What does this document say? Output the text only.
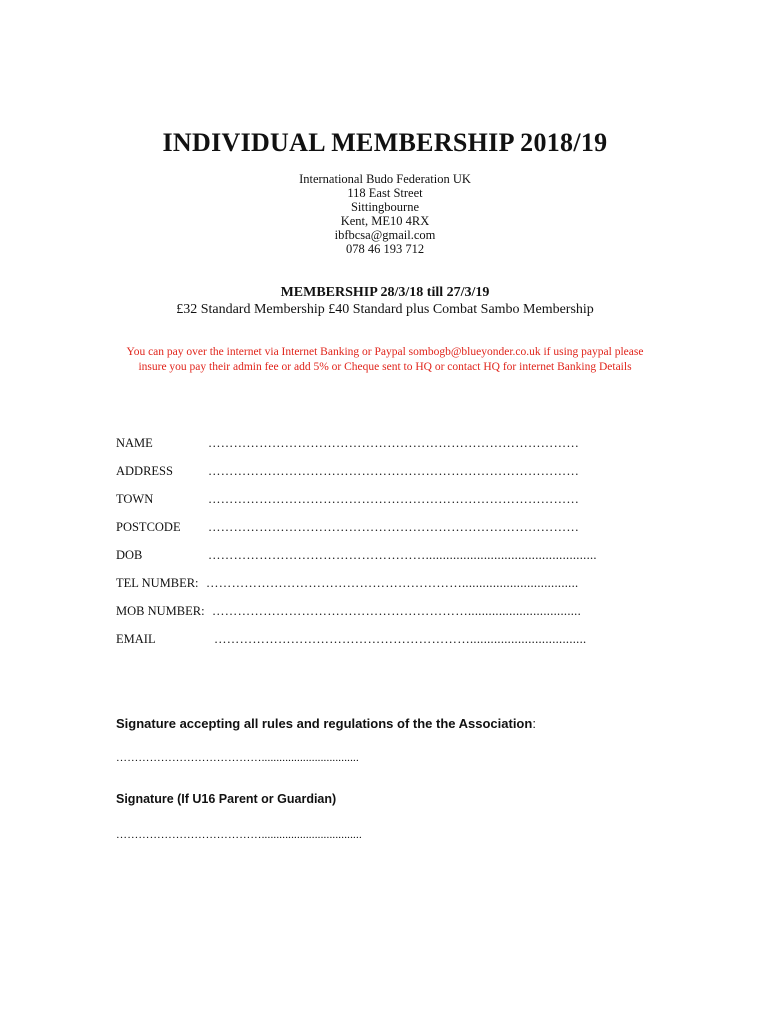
INDIVIDUAL MEMBERSHIP 2018/19
International Budo Federation UK
118 East Street
Sittingbourne
Kent, ME10 4RX
ibfbcsa@gmail.com
078 46 193 712
MEMBERSHIP 28/3/18 till 27/3/19
£32 Standard Membership £40 Standard plus Combat Sambo Membership
You can pay over the internet via Internet Banking or Paypal sombogb@blueyonder.co.uk if using paypal please insure you pay their admin fee or add 5% or Cheque sent to HQ or contact HQ for internet Banking Details
NAME	……………………………………………………………………………
ADDRESS	……………………………………………………………………………
TOWN	……………………………………………………………………………
POSTCODE ……………………………………………………………………………
DOB	……………………………………………..................................................
TEL NUMBER: ……………………………………………………..................................
MOB NUMBER: …………………………………………………….................................
EMAIL	……………………………………………………..................................
Signature accepting all rules and regulations of the the Association:
………………………………….................................
Signature (If U16 Parent or Guardian)
…………………………………..................................
